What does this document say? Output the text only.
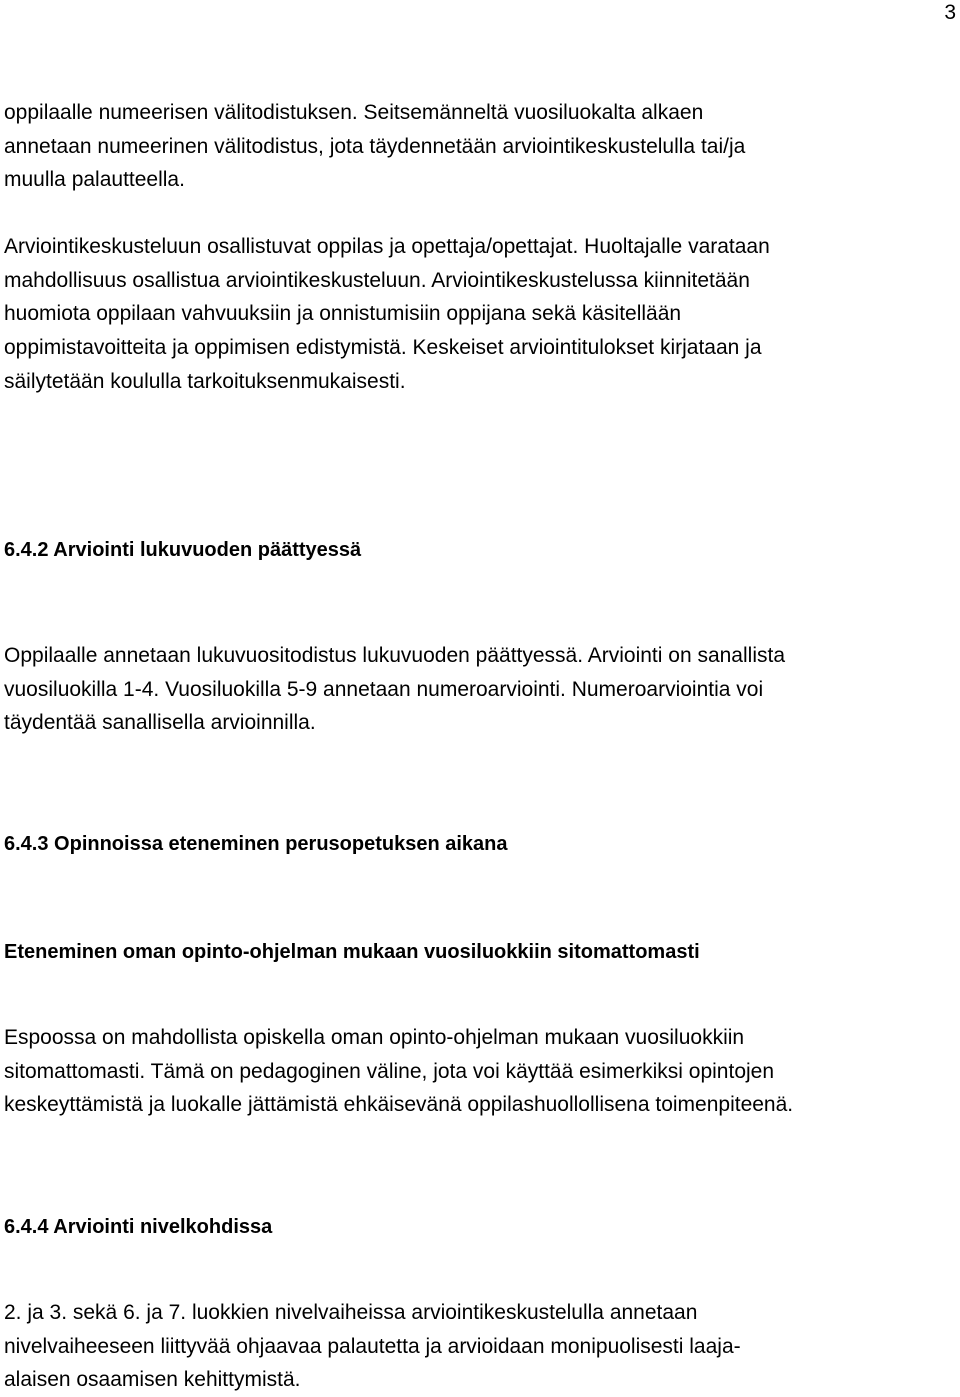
3

oppilaalle numeerisen välitodistuksen. Seitsemänneltä vuosiluokalta alkaen
annetaan numeerinen välitodistus, jota täydennetään arviointikeskustelulla tai/ja
muulla palautteella.

Arviointikeskusteluun osallistuvat oppilas ja opettaja/opettajat. Huoltajalle varataan
mahdollisuus osallistua arviointikeskusteluun. Arviointikeskustelussa kiinnitetään
huomiota oppilaan vahvuuksiin ja onnistumisiin oppijana sekä käsitellään
oppimistavoitteita ja oppimisen edistymistä. Keskeiset arviointitulokset kirjataan ja
säilytetään koululla tarkoituksenmukaisesti.

6.4.2 Arviointi lukuvuoden päättyessä

Oppilaalle annetaan lukuvuositodistus lukuvuoden päättyessä. Arviointi on sanallista
vuosiluokilla 1-4. Vuosiluokilla 5-9 annetaan numeroarviointi. Numeroarviointia voi
täydentää sanallisella arvioinnilla.

6.4.3 Opinnoissa eteneminen perusopetuksen aikana
Eteneminen oman opinto-ohjelman mukaan vuosiluokkiin sitomattomasti

Espoossa on mahdollista opiskella oman opinto-ohjelman mukaan vuosiluokkiin
sitomattomasti. Tämä on pedagoginen väline, jota voi käyttää esimerkiksi opintojen
keskeyttämistä ja luokalle jättämistä ehkäisevänä oppilashuollollisena toimenpiteenä.

6.4.4 Arviointi nivelkohdissa

2. ja 3. sekä 6. ja 7. luokkien nivelvaiheissa arviointikeskustelulla annetaan
nivelvaiheeseen liittyvää ohjaavaa palautetta ja arvioidaan monipuolisesti laaja-
alaisen osaamisen kehittymistä.
